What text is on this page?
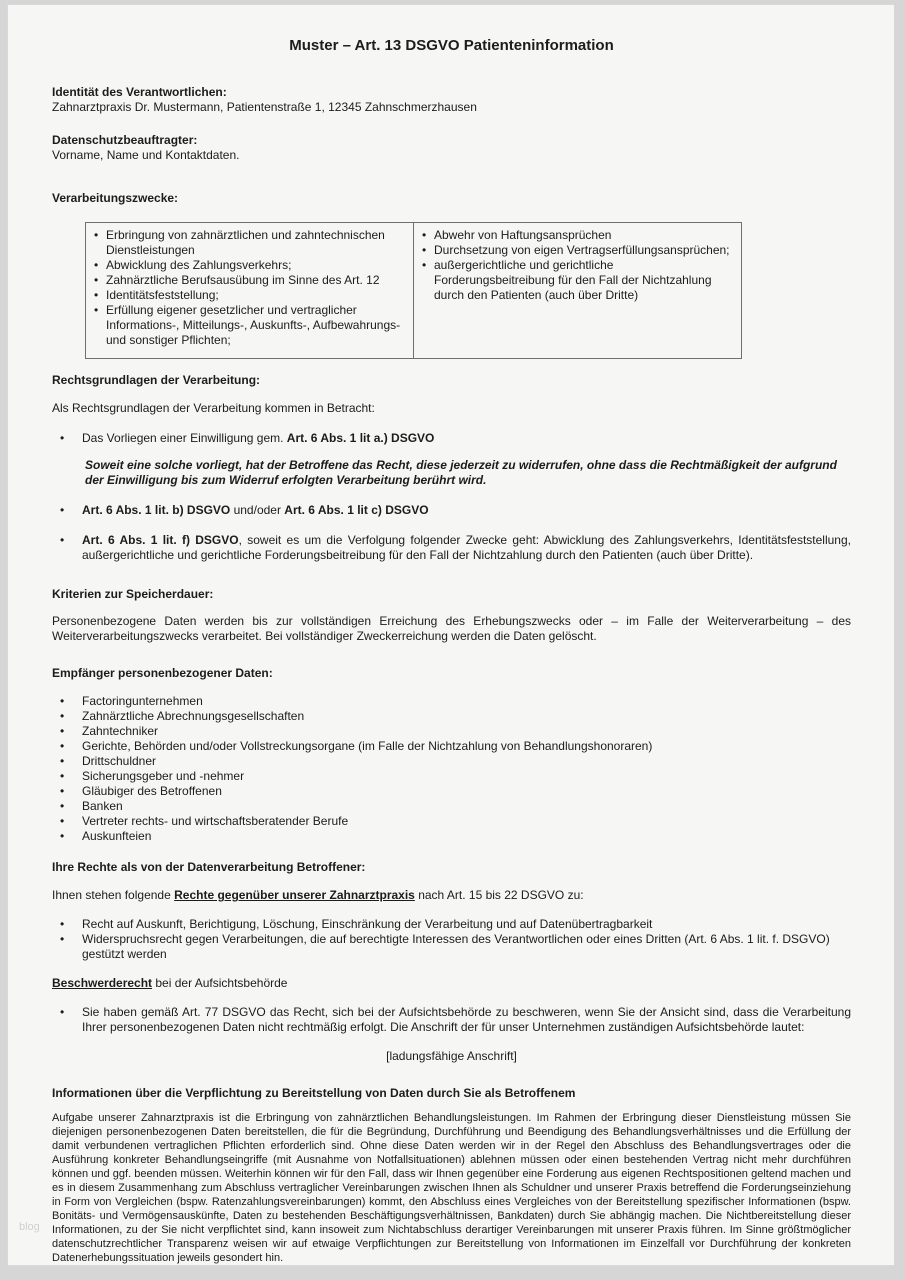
Muster – Art. 13 DSGVO Patienteninformation
Identität des Verantwortlichen:
Zahnarztpraxis Dr. Mustermann, Patientenstraße 1, 12345 Zahnschmerzhausen
Datenschutzbeauftragter:
Vorname, Name und Kontaktdaten.
Verarbeitungszwecke:
• Erbringung von zahnärztlichen und zahntechnischen Dienstleistungen
• Abwicklung des Zahlungsverkehrs;
• Zahnärztliche Berufsausübung im Sinne des Art. 12
• Identitätsfeststellung;
• Erfüllung eigener gesetzlicher und vertraglicher Informations-, Mitteilungs-, Auskunfts-, Aufbewahrungs- und sonstiger Pflichten;

• Abwehr von Haftungsansprüchen
• Durchsetzung von eigen Vertragserfüllungsansprüchen;
• außergerichtliche und gerichtliche Forderungsbeitreibung für den Fall der Nichtzahlung durch den Patienten (auch über Dritte)
Rechtsgrundlagen der Verarbeitung:
Als Rechtsgrundlagen der Verarbeitung kommen in Betracht:
• Das Vorliegen einer Einwilligung gem. Art. 6 Abs. 1 lit a.) DSGVO
Soweit eine solche vorliegt, hat der Betroffene das Recht, diese jederzeit zu widerrufen, ohne dass die Rechtmäßigkeit der aufgrund der Einwilligung bis zum Widerruf erfolgten Verarbeitung berührt wird.
• Art. 6 Abs. 1 lit. b) DSGVO und/oder Art. 6 Abs. 1 lit c) DSGVO
• Art. 6 Abs. 1 lit. f) DSGVO, soweit es um die Verfolgung folgender Zwecke geht: Abwicklung des Zahlungsverkehrs, Identitätsfeststellung, außergerichtliche und gerichtliche Forderungsbeitreibung für den Fall der Nichtzahlung durch den Patienten (auch über Dritte).
Kriterien zur Speicherdauer:
Personenbezogene Daten werden bis zur vollständigen Erreichung des Erhebungszwecks oder – im Falle der Weiterverarbeitung – des Weiterverarbeitungszwecks verarbeitet. Bei vollständiger Zweckerreichung werden die Daten gelöscht.
Empfänger personenbezogener Daten:
• Factoringunternehmen
• Zahnärztliche Abrechnungsgesellschaften
• Zahntechniker
• Gerichte, Behörden und/oder Vollstreckungsorgane (im Falle der Nichtzahlung von Behandlungshonoraren)
• Drittschuldner
• Sicherungsgeber und -nehmer
• Gläubiger des Betroffenen
• Banken
• Vertreter rechts- und wirtschaftsberatender Berufe
• Auskunfteien
Ihre Rechte als von der Datenverarbeitung Betroffener:
Ihnen stehen folgende Rechte gegenüber unserer Zahnarztpraxis nach Art. 15 bis 22 DSGVO zu:
• Recht auf Auskunft, Berichtigung, Löschung, Einschränkung der Verarbeitung und auf Datenübertragbarkeit
• Widerspruchsrecht gegen Verarbeitungen, die auf berechtigte Interessen des Verantwortlichen oder eines Dritten (Art. 6 Abs. 1 lit. f. DSGVO) gestützt werden
Beschwerderecht bei der Aufsichtsbehörde
• Sie haben gemäß Art. 77 DSGVO das Recht, sich bei der Aufsichtsbehörde zu beschweren, wenn Sie der Ansicht sind, dass die Verarbeitung Ihrer personenbezogenen Daten nicht rechtmäßig erfolgt. Die Anschrift der für unser Unternehmen zuständigen Aufsichtsbehörde lautet:
[ladungsfähige Anschrift]
Informationen über die Verpflichtung zu Bereitstellung von Daten durch Sie als Betroffenem
Aufgabe unserer Zahnarztpraxis ist die Erbringung von zahnärztlichen Behandlungsleistungen. Im Rahmen der Erbringung dieser Dienstleistung müssen Sie diejenigen personenbezogenen Daten bereitstellen, die für die Begründung, Durchführung und Beendigung des Behandlungsverhältnisses und die Erfüllung der damit verbundenen vertraglichen Pflichten erforderlich sind. Ohne diese Daten werden wir in der Regel den Abschluss des Behandlungsvertrages oder die Ausführung konkreter Behandlungseingriffe (mit Ausnahme von Notfallsituationen) ablehnen müssen oder einen bestehenden Vertrag nicht mehr durchführen können und ggf. beenden müssen. Weiterhin können wir für den Fall, dass wir Ihnen gegenüber eine Forderung aus eigenen Rechtspositionen geltend machen und es in diesem Zusammenhang zum Abschluss vertraglicher Vereinbarungen zwischen Ihnen als Schuldner und unserer Praxis betreffend die Forderungseinziehung in Form von Vergleichen (bspw. Ratenzahlungsvereinbarungen) kommt, den Abschluss eines Vergleiches von der Bereitstellung spezifischer Informationen (bspw. Bonitäts- und Vermögensauskünfte, Daten zu bestehenden Beschäftigungsverhältnissen, Bankdaten) durch Sie abhängig machen. Die Nichtbereitstellung dieser Informationen, zu der Sie nicht verpflichtet sind, kann insoweit zum Nichtabschluss derartiger Vereinbarungen mit unserer Praxis führen. Im Sinne größtmöglicher datenschutzrechtlicher Transparenz weisen wir auf etwaige Verpflichtungen zur Bereitstellung von Informationen im Einzelfall vor Durchführung der konkreten Datenerhebungssituation jeweils gesondert hin.
blog
